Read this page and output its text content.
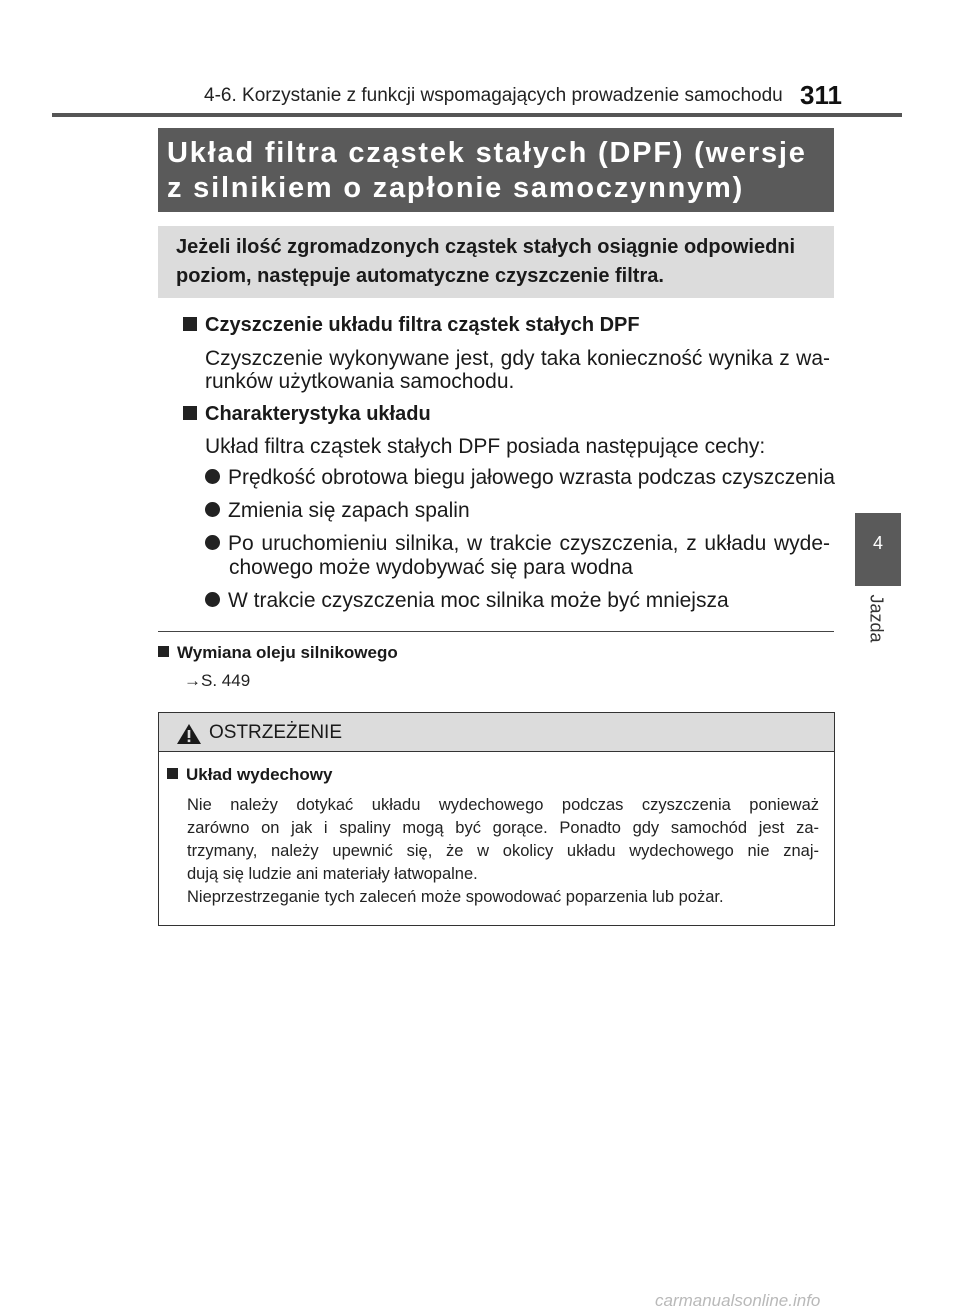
4-6. Korzystanie z funkcji wspomagających prowadzenie samochodu 311
4
Jazda
Układ filtra cząstek stałych (DPF) (wersje
z silnikiem o zapłonie samoczynnym)
Jeżeli ilość zgromadzonych cząstek stałych osiągnie odpowiedni
poziom, następuje automatyczne czyszczenie filtra.
Czyszczenie układu filtra cząstek stałych DPF
Czyszczenie wykonywane jest, gdy taka konieczność wynika z wa-
runków użytkowania samochodu.
Charakterystyka układu
Układ filtra cząstek stałych DPF posiada następujące cechy:
Prędkość obrotowa biegu jałowego wzrasta podczas czyszczenia
Zmienia się zapach spalin
Po uruchomieniu silnika, w trakcie czyszczenia, z układu wyde-
chowego może wydobywać się para wodna
W trakcie czyszczenia moc silnika może być mniejsza
Wymiana oleju silnikowego
→S. 449
OSTRZEŻENIE
Układ wydechowy
Nie należy dotykać układu wydechowego podczas czyszczenia ponieważ
zarówno on jak i spaliny mogą być gorące. Ponadto gdy samochód jest za-
trzymany, należy upewnić się, że w okolicy układu wydechowego nie znaj-
dują się ludzie ani materiały łatwopalne.
Nieprzestrzeganie tych zaleceń może spowodować poparzenia lub pożar.
carmanualsonline.info
